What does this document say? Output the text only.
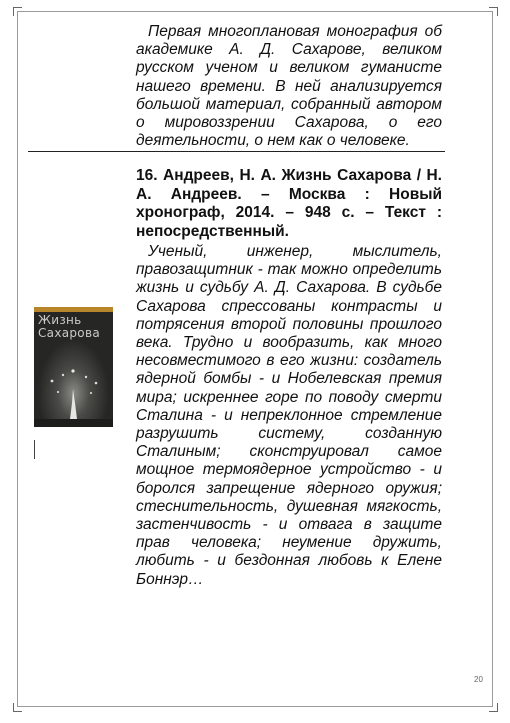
Первая многоплановая монография об академике А. Д. Сахарове, великом русском ученом и великом гуманисте нашего времени. В ней анализируется большой материал, собранный автором о мировоззрении Сахарова, о его деятельности, о нем как о человеке.
16. Андреев, Н. А. Жизнь Сахарова / Н. А. Андреев. – Москва : Новый хронограф, 2014. – 948 с. – Текст : непосредственный.
Жизнь
Сахарова
Ученый, инженер, мыслитель, правозащитник - так можно определить жизнь и судьбу А. Д. Сахарова. В судьбе Сахарова спрессованы контрасты и потрясения второй половины прошлого века. Трудно и вообразить, как много несовместимого в его жизни: создатель ядерной бомбы - и Нобелевская премия мира; искреннее горе по поводу смерти Сталина - и непреклонное стремление разрушить систему, созданную Сталиным; сконструировал самое мощное термоядерное устройство - и боролся запрещение ядерного оружия; стеснительность, душевная мягкость, застенчивость - и отвага в защите прав человека; неумение дружить, любить - и бездонная любовь к Елене Боннэр…
20
